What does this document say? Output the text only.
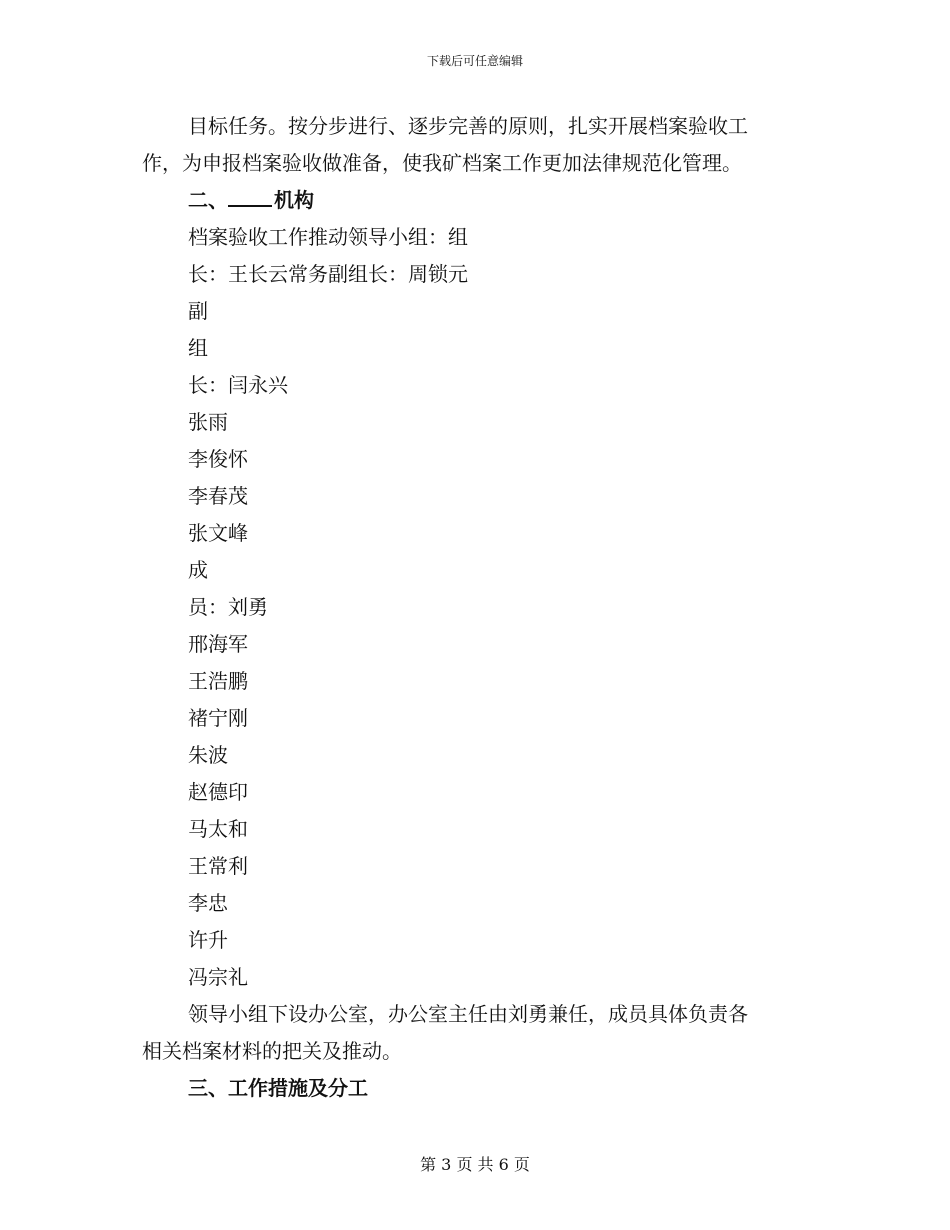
下载后可任意编辑
目标任务。按分步进行、逐步完善的原则，扎实开展档案验收工
作，为申报档案验收做准备，使我矿档案工作更加法律规范化管理。
二、 机构
档案验收工作推动领导小组：组
长：王长云常务副组长：周锁元
副
组
长：闫永兴
张雨
李俊怀
李春茂
张文峰
成
员：刘勇
邢海军
王浩鹏
褚宁刚
朱波
赵德印
马太和
王常利
李忠
许升
冯宗礼
领导小组下设办公室，办公室主任由刘勇兼任，成员具体负责各
相关档案材料的把关及推动。
三、工作措施及分工
第 3 页 共 6 页
